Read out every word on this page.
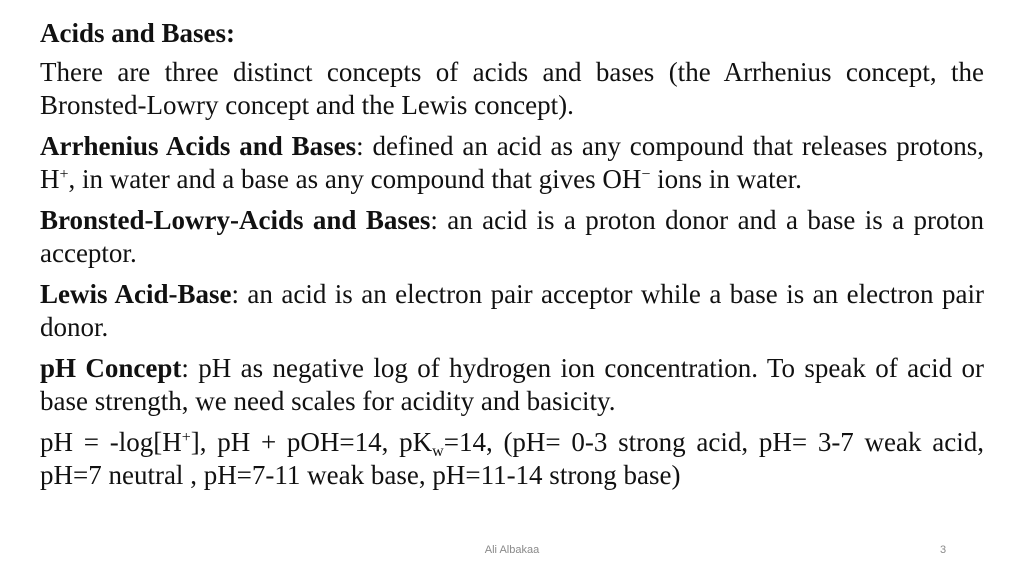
Acids and Bases:

There are three distinct concepts of acids and bases (the Arrhenius concept, the Bronsted-Lowry concept and the Lewis concept).

Arrhenius Acids and Bases: defined an acid as any compound that releases protons, H+, in water and a base as any compound that gives OH− ions in water.

Bronsted-Lowry-Acids and Bases: an acid is a proton donor and a base is a proton acceptor.

Lewis Acid-Base: an acid is an electron pair acceptor while a base is an electron pair donor.

pH Concept: pH as negative log of hydrogen ion concentration. To speak of acid or base strength, we need scales for acidity and basicity.

pH = -log[H+], pH + pOH=14, $pK_w=14$, (pH= 0-3 strong acid, pH= 3-7 weak acid, pH=7 neutral , pH=7-11 weak base, pH=11-14 strong base)

Ali Albakaa	3
